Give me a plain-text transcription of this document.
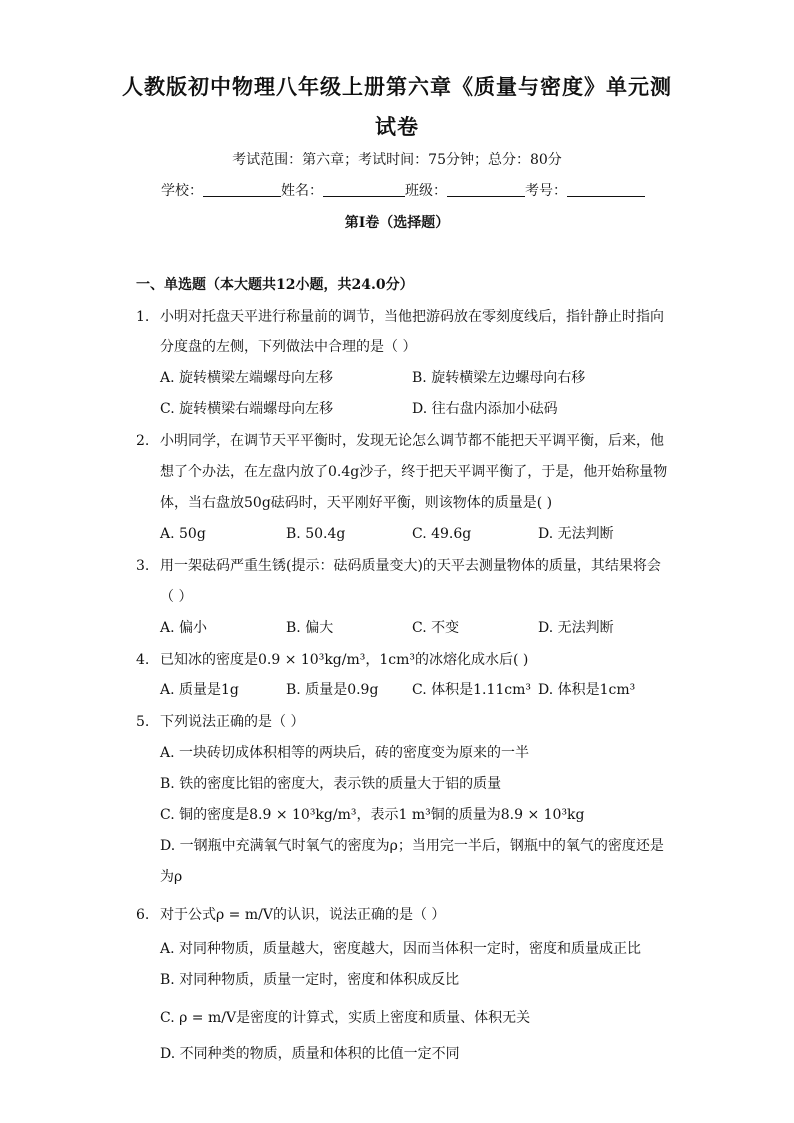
人教版初中物理八年级上册第六章《质量与密度》单元测
试卷
考试范围：第六章；考试时间：75分钟；总分：80分
学校：	姓名：	班级：	考号：
第I卷（选择题）
一、单选题（本大题共12小题，共24.0分）
1. 小明对托盘天平进行称量前的调节，当他把游码放在零刻度线后，指针静止时指向
分度盘的左侧，下列做法中合理的是（ ）
A. 旋转横梁左端螺母向左移	B. 旋转横梁左边螺母向右移
C. 旋转横梁右端螺母向左移	D. 往右盘内添加小砝码
2. 小明同学，在调节天平平衡时，发现无论怎么调节都不能把天平调平衡，后来，他
想了个办法，在左盘内放了0.4g沙子，终于把天平调平衡了，于是，他开始称量物
体，当右盘放50g砝码时，天平刚好平衡，则该物体的质量是( )
A. 50g	B. 50.4g	C. 49.6g	D. 无法判断
3. 用一架砝码严重生锈(提示：砝码质量变大)的天平去测量物体的质量，其结果将会
（ ）
A. 偏小	B. 偏大	C. 不变	D. 无法判断
4. 已知冰的密度是0.9 × 10³kg/m³，1cm³的冰熔化成水后( )
A. 质量是1g	B. 质量是0.9g C. 体积是1.11cm³ D. 体积是1cm³
5. 下列说法正确的是（ ）
A. 一块砖切成体积相等的两块后，砖的密度变为原来的一半
B. 铁的密度比铝的密度大，表示铁的质量大于铝的质量
C. 铜的密度是8.9 × 10³kg/m³，表示1 m³铜的质量为8.9 × 10³kg
D. 一钢瓶中充满氧气时氧气的密度为ρ；当用完一半后，钢瓶中的氧气的密度还是
为ρ
6. 对于公式ρ = m/V的认识，说法正确的是（ ）
A. 对同种物质，质量越大，密度越大，因而当体积一定时，密度和质量成正比
B. 对同种物质，质量一定时，密度和体积成反比
C. ρ = m/V是密度的计算式，实质上密度和质量、体积无关
D. 不同种类的物质，质量和体积的比值一定不同
